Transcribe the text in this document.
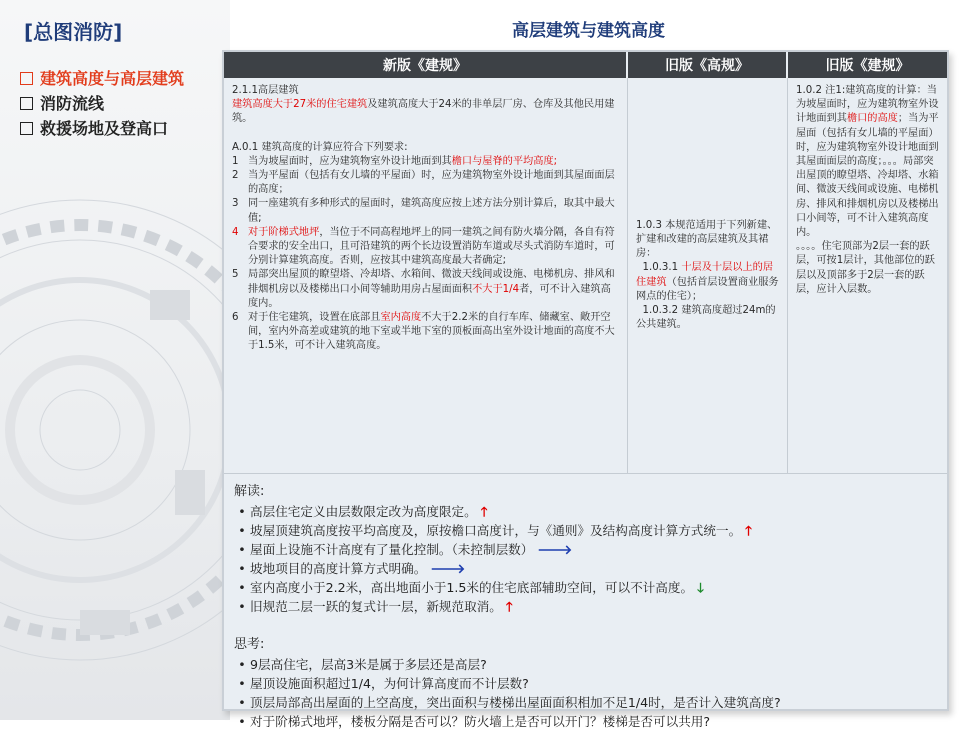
[总图消防]
建筑高度与高层建筑
消防流线
救援场地及登高口
高层建筑与建筑高度
新版《建规》	旧版《高规》	旧版《建规》
2.1.1高层建筑
建筑高度大于27米的住宅建筑及建筑高度大于24米的非单层厂房、仓库及其他民用建筑。
A.0.1 建筑高度的计算应符合下列要求:
1 当为坡屋面时，应为建筑物室外设计地面到其檐口与屋脊的平均高度;
2 当为平屋面（包括有女儿墙的平屋面）时，应为建筑物室外设计地面到其屋面面层的高度；
3 同一座建筑有多种形式的屋面时，建筑高度应按上述方法分别计算后，取其中最大值;
4 对于阶梯式地坪，当位于不同高程地坪上的同一建筑之间有防火墙分隔，各自有符合要求的安全出口，且可沿建筑的两个长边设置消防车道或尽头式消防车道时，可分别计算建筑高度。否则，应按其中建筑高度最大者确定;
5 局部突出屋顶的瞭望塔、冷却塔、水箱间、微波天线间或设施、电梯机房、排风和排烟机房以及楼梯出口小间等辅助用房占屋面面积不大于1/4者，可不计入建筑高度内。
6 对于住宅建筑，设置在底部且室内高度不大于2.2米的自行车库、储藏室、敞开空间，室内外高差或建筑的地下室或半地下室的顶板面高出室外设计地面的高度不大于1.5米，可不计入建筑高度。
1.0.3 本规范适用于下列新建、扩建和改建的高层建筑及其裙房：
1.0.3.1 十层及十层以上的居住建筑（包括首层设置商业服务网点的住宅）；
1.0.3.2 建筑高度超过24m的公共建筑。
1.0.2 注1:建筑高度的计算：当为坡屋面时，应为建筑物室外设计地面到其檐口的高度；当为平屋面（包括有女儿墙的平屋面）时，应为建筑物室外设计地面到其屋面面层的高度；。。。局部突出屋顶的瞭望塔、冷却塔、水箱间、微波天线间或设施、电梯机房、排风和排烟机房以及楼梯出口小间等，可不计入建筑高度内。
。。。。住宅顶部为2层一套的跃层，可按1层计，其他部位的跃层以及顶部多于2层一套的跃层，应计入层数。
解读:
• 高层住宅定义由层数限定改为高度限定。 🡑
• 坡屋顶建筑高度按平均高度及，原按檐口高度计，与《通则》及结构高度计算方式统一。 🡑
• 屋面上设施不计高度有了量化控制。（未控制层数） 🡒
• 坡地项目的高度计算方式明确。 🡒
• 室内高度小于2.2米，高出地面小于1.5米的住宅底部辅助空间，可以不计高度。 🡓
• 旧规范二层一跃的复式计一层，新规范取消。 🡑
思考:
• 9层高住宅，层高3米是属于多层还是高层?
• 屋顶设施面积超过1/4，为何计算高度而不计层数?
• 顶层局部高出屋面的上空高度，突出面积与楼梯出屋面面积相加不足1/4时，是否计入建筑高度?
• 对于阶梯式地坪，楼板分隔是否可以？防火墙上是否可以开门？楼梯是否可以共用?
